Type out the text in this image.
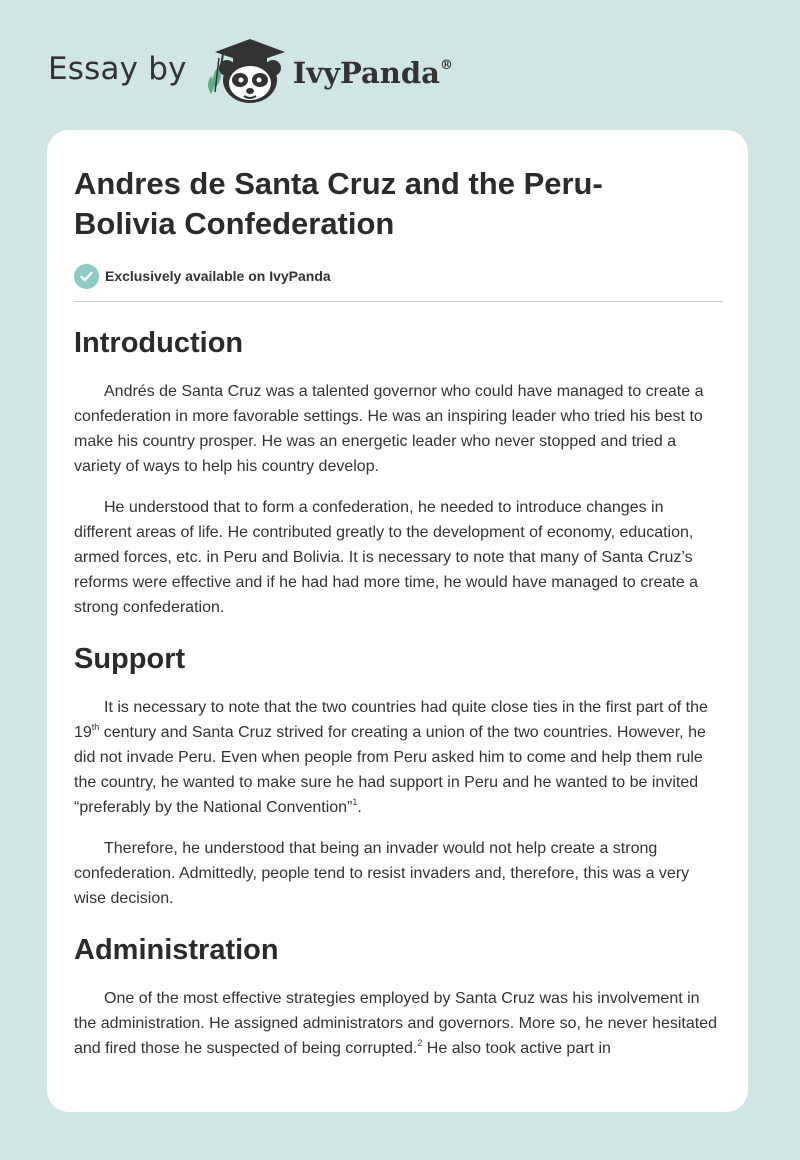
Essay by	IvyPanda®
Andres de Santa Cruz and the Peru-
Bolivia Confederation
Exclusively available on IvyPanda
Introduction

Andrés de Santa Cruz was a talented governor who could have managed to create a confederation in more favorable settings. He was an inspiring leader who tried his best to make his country prosper. He was an energetic leader who never stopped and tried a variety of ways to help his country develop.

He understood that to form a confederation, he needed to introduce changes in different areas of life. He contributed greatly to the development of economy, education, armed forces, etc. in Peru and Bolivia. It is necessary to note that many of Santa Cruz’s reforms were effective and if he had had more time, he would have managed to create a strong confederation.

Support

It is necessary to note that the two countries had quite close ties in the first part of the 19th century and Santa Cruz strived for creating a union of the two countries. However, he did not invade Peru. Even when people from Peru asked him to come and help them rule the country, he wanted to make sure he had support in Peru and he wanted to be invited “preferably by the National Convention”$^1$.

Therefore, he understood that being an invader would not help create a strong confederation. Admittedly, people tend to resist invaders and, therefore, this was a very wise decision.

Administration

One of the most effective strategies employed by Santa Cruz was his involvement in the administration. He assigned administrators and governors. More so, he never hesitated and fired those he suspected of being corrupted.$^2$ He also took active part in
